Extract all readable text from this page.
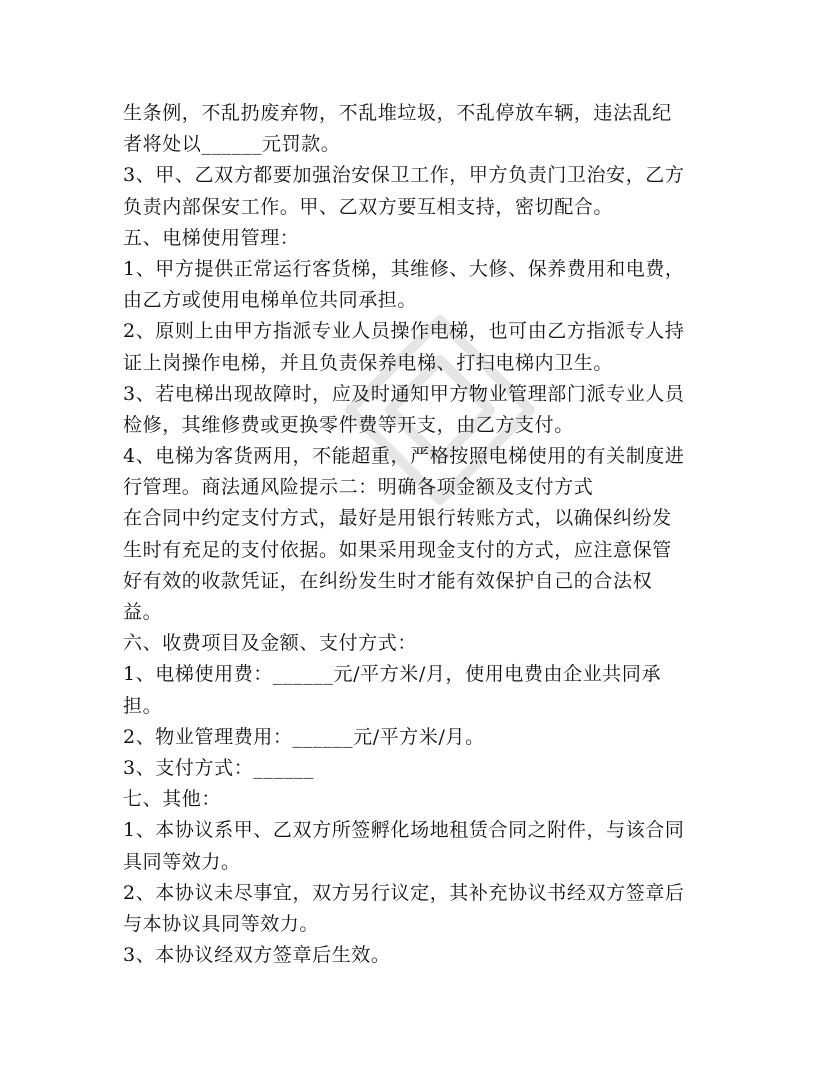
生条例，不乱扔废弃物，不乱堆垃圾，不乱停放车辆，违法乱纪
者将处以______元罚款。
3、甲、乙双方都要加强治安保卫工作，甲方负责门卫治安，乙方
负责内部保安工作。甲、乙双方要互相支持，密切配合。
五、电梯使用管理：
1、甲方提供正常运行客货梯，其维修、大修、保养费用和电费，
由乙方或使用电梯单位共同承担。
2、原则上由甲方指派专业人员操作电梯，也可由乙方指派专人持
证上岗操作电梯，并且负责保养电梯、打扫电梯内卫生。
3、若电梯出现故障时，应及时通知甲方物业管理部门派专业人员
检修，其维修费或更换零件费等开支，由乙方支付。
4、电梯为客货两用，不能超重，严格按照电梯使用的有关制度进
行管理。商法通风险提示二：明确各项金额及支付方式
在合同中约定支付方式，最好是用银行转账方式，以确保纠纷发
生时有充足的支付依据。如果采用现金支付的方式，应注意保管
好有效的收款凭证，在纠纷发生时才能有效保护自己的合法权
益。
六、收费项目及金额、支付方式：
1、电梯使用费：______元/平方米/月，使用电费由企业共同承
担。
2、物业管理费用：______元/平方米/月。
3、支付方式：______
七、其他：
1、本协议系甲、乙双方所签孵化场地租赁合同之附件，与该合同
具同等效力。
2、本协议未尽事宜，双方另行议定，其补充协议书经双方签章后
与本协议具同等效力。
3、本协议经双方签章后生效。
